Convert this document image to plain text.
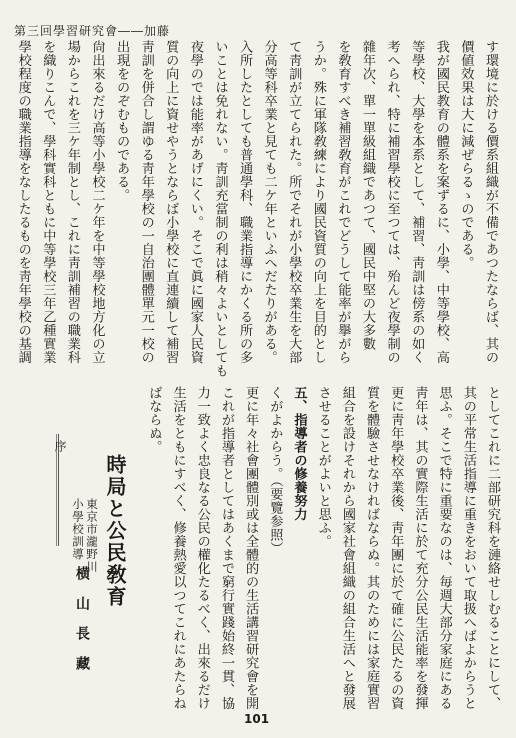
第三回學習研究會――加藤
す環境に於ける價系組織が不備であつたならば、其の
價値效果は大に減ぜらるゝのである。
我が國民教育の體系を案ずるに、小學、中等學校、高
等學校、大學を本系として、補習、靑訓は傍系の如く
考へられ、特に補習學校に至つては、殆んど夜學制の
雜年次、單一單級組織であつて、國民中堅の大多數
を敎育すべき補習敎育がこれでどうして能率が擧がら
うか。殊に軍隊敎練により國民資質の向上を目的とし
て靑訓が立てられた。所でそれが小學校卒業生を大部
分高等科卒業と見ても二ケ年といふへだたりがある。
入所したとしても普通學科、職業指導にかくる所の多
いことは免れない。靑訓充當制の利は稍々よいとしても
夜學のでは能率があげにくい。そこで眞に國家人民資
質の向上に資せやうとならば小學校に直連續して補習
靑訓を併合し謂ゆる靑年學校の一自治團體單元一校の
出現をのぞむものである。
尙出來るだけ高等小學校二ケ年を中等學校地方化の立
場からこれを三ケ年制とし、これに靑訓補習の職業科
を織りこんで、學科實科ともに中等學校三年乙種實業
學校程度の職業指導をなしたるものを靑年學校の基調
としてこれに二部研究科を漣絡せしむることにして、
其の平常生活指導に重きをおいて取扱へばよからうと
思ふ。そこで特に重要なのは、毎週大部分家庭にある
靑年は、其の實際生活に於て充分公民生活能率を發揮
更に靑年學校卒業後、靑年團に於て確に公民たるの資
質を體驗させなければならぬ。其のためには家庭實習
組合を設けそれから國家社會組織の組合生活へと發展
させることがよいと思ふ。
五、指導者の修養努力
くがよからう。（要覽参照）
更に年々社會團體別或は全體的の生活講習研究會を開
これが指導者としてはあくまで窮行實踐始終一貫、協
力一致よく忠良なる公民の權化たるべく、出來るだけ
生活をともにすべく、修養熱愛以つてこれにあたらね
ばならぬ。
時局と公民敎育
東京市瀧野川
小學校訓導
横山長藏
序
101
